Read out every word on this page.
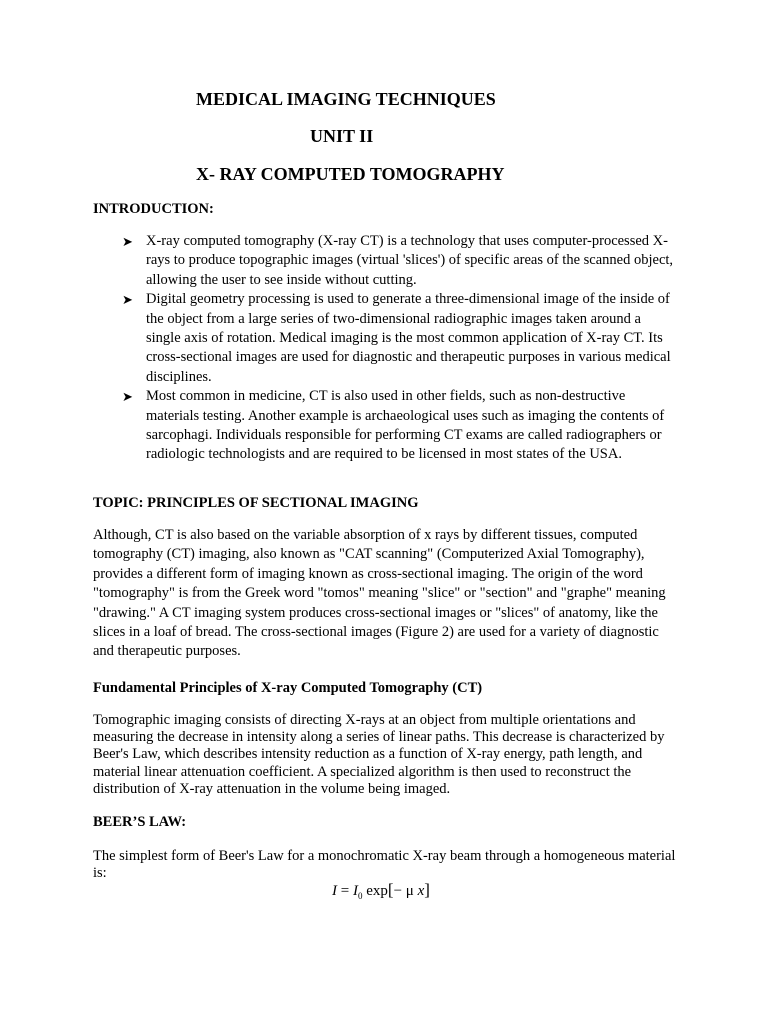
MEDICAL IMAGING TECHNIQUES
UNIT II
X- RAY COMPUTED TOMOGRAPHY
INTRODUCTION:
➤ X-ray computed tomography (X-ray CT) is a technology that uses computer-processed X-rays to produce topographic images (virtual 'slices') of specific areas of the scanned object, allowing the user to see inside without cutting.
➤ Digital geometry processing is used to generate a three-dimensional image of the inside of the object from a large series of two-dimensional radiographic images taken around a single axis of rotation. Medical imaging is the most common application of X-ray CT. Its cross-sectional images are used for diagnostic and therapeutic purposes in various medical disciplines.
➤ Most common in medicine, CT is also used in other fields, such as non-destructive materials testing. Another example is archaeological uses such as imaging the contents of sarcophagi. Individuals responsible for performing CT exams are called radiographers or radiologic technologists and are required to be licensed in most states of the USA.
TOPIC: PRINCIPLES OF SECTIONAL IMAGING

Although, CT is also based on the variable absorption of x rays by different tissues, computed tomography (CT) imaging, also known as "CAT scanning" (Computerized Axial Tomography), provides a different form of imaging known as cross-sectional imaging. The origin of the word "tomography" is from the Greek word "tomos" meaning "slice" or "section" and "graphe" meaning "drawing." A CT imaging system produces cross-sectional images or "slices" of anatomy, like the slices in a loaf of bread. The cross-sectional images (Figure 2) are used for a variety of diagnostic and therapeutic purposes.

Fundamental Principles of X-ray Computed Tomography (CT)

Tomographic imaging consists of directing X-rays at an object from multiple orientations and measuring the decrease in intensity along a series of linear paths. This decrease is characterized by Beer's Law, which describes intensity reduction as a function of X-ray energy, path length, and material linear attenuation coefficient. A specialized algorithm is then used to reconstruct the distribution of X-ray attenuation in the volume being imaged.

BEER’S LAW:

The simplest form of Beer's Law for a monochromatic X-ray beam through a homogeneous material is:

$I = I_0$ exp[− μ x]
